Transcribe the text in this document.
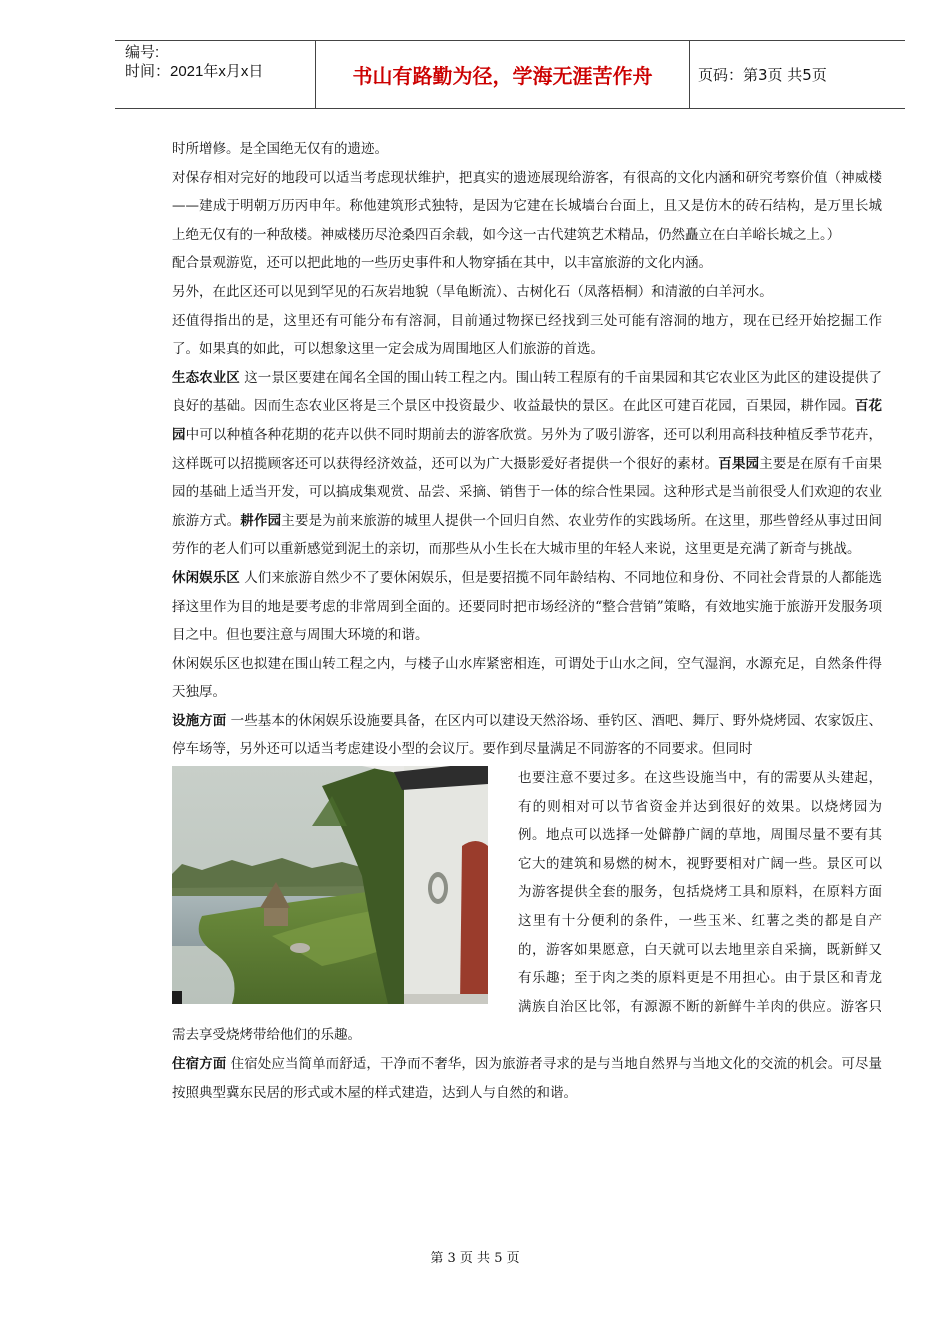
编号:
时间：2021年x月x日	书山有路勤为径，学海无涯苦作舟	页码：第3页 共5页

时所增修。是全国绝无仅有的遗迹。

对保存相对完好的地段可以适当考虑现状维护，把真实的遗迹展现给游客，有很高的文化内涵和研究考察价值（神威楼——建成于明朝万历丙申年。称他建筑形式独特，是因为它建在长城墙台台面上，且又是仿木的砖石结构，是万里长城上绝无仅有的一种敌楼。神威楼历尽沧桑四百余载，如今这一古代建筑艺术精品，仍然矗立在白羊峪长城之上。）

配合景观游览，还可以把此地的一些历史事件和人物穿插在其中，以丰富旅游的文化内涵。

另外，在此区还可以见到罕见的石灰岩地貌（旱龟断流）、古树化石（凤落梧桐）和清澈的白羊河水。

还值得指出的是，这里还有可能分布有溶洞，目前通过物探已经找到三处可能有溶洞的地方，现在已经开始挖掘工作了。如果真的如此，可以想象这里一定会成为周围地区人们旅游的首选。

生态农业区 这一景区要建在闻名全国的围山转工程之内。围山转工程原有的千亩果园和其它农业区为此区的建设提供了良好的基础。因而生态农业区将是三个景区中投资最少、收益最快的景区。在此区可建百花园，百果园，耕作园。百花园中可以种植各种花期的花卉以供不同时期前去的游客欣赏。另外为了吸引游客，还可以利用高科技种植反季节花卉，这样既可以招揽顾客还可以获得经济效益，还可以为广大摄影爱好者提供一个很好的素材。百果园主要是在原有千亩果园的基础上适当开发，可以搞成集观赏、品尝、采摘、销售于一体的综合性果园。这种形式是当前很受人们欢迎的农业旅游方式。耕作园主要是为前来旅游的城里人提供一个回归自然、农业劳作的实践场所。在这里，那些曾经从事过田间劳作的老人们可以重新感觉到泥土的亲切，而那些从小生长在大城市里的年轻人来说，这里更是充满了新奇与挑战。

休闲娱乐区 人们来旅游自然少不了要休闲娱乐，但是要招揽不同年龄结构、不同地位和身份、不同社会背景的人都能选择这里作为目的地是要考虑的非常周到全面的。还要同时把市场经济的“整合营销”策略，有效地实施于旅游开发服务项目之中。但也要注意与周围大环境的和谐。

休闲娱乐区也拟建在围山转工程之内，与楼子山水库紧密相连，可谓处于山水之间，空气湿润，水源充足，自然条件得天独厚。

设施方面 一些基本的休闲娱乐设施要具备，在区内可以建设天然浴场、垂钓区、酒吧、舞厅、野外烧烤园、农家饭庄、停车场等，另外还可以适当考虑建设小型的会议厅。要作到尽量满足不同游客的不同要求。但同时

也要注意不要过多。在这些设施当中，有的需要从头建起，有的则相对可以节省资金并达到很好的效果。以烧烤园为例。地点可以选择一处僻静广阔的草地，周围尽量不要有其它大的建筑和易燃的树木，视野要相对广阔一些。景区可以为游客提供全套的服务，包括烧烤工具和原料，在原料方面这里有十分便利的条件，一些玉米、红薯之类的都是自产的，游客如果愿意，白天就可以去地里亲自采摘，既新鲜又有乐趣；至于肉之类的原料更是不用担心。由于景区和青龙满族自治区比邻，有源源不断的新鲜牛羊肉的供应。游客只需去享受烧烤带给他们的乐趣。

住宿方面 住宿处应当简单而舒适，干净而不奢华，因为旅游者寻求的是与当地自然界与当地文化的交流的机会。可尽量按照典型冀东民居的形式或木屋的样式建造，达到人与自然的和谐。

第 3 页 共 5 页
